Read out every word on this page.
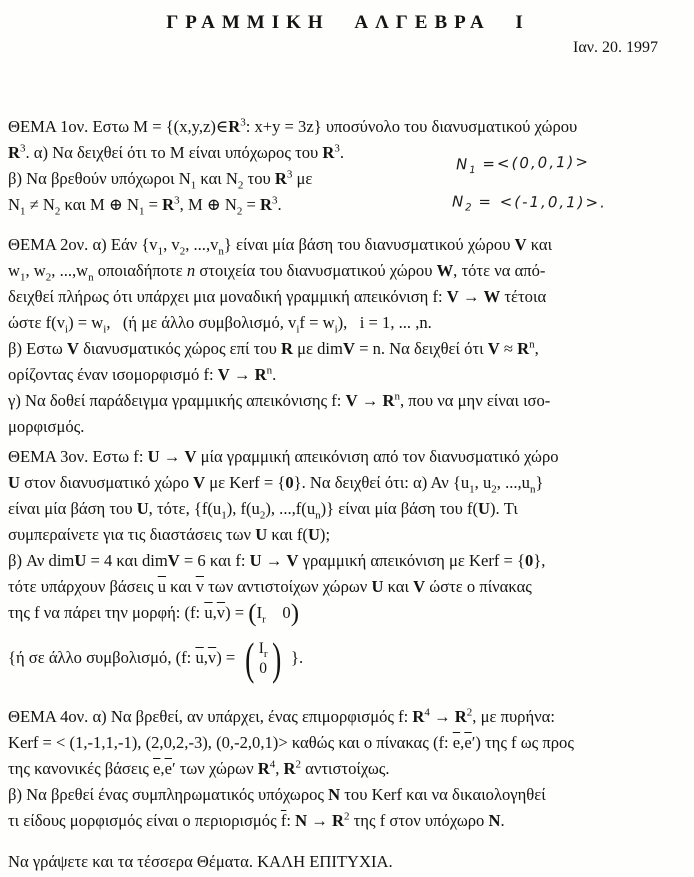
ΓΡΑΜΜΙΚΗ ΑΛΓΕΒΡΑ Ι
Ιαν. 20. 1997

ΘΕΜΑ 1ον. Εστω $M = \{(x,y,z)\in R^3$: x+y = 3z} υποσύνολο του διανυσματικού χώρου
$R^3$. α) Να δειχθεί ότι το M είναι υπόχωρος του $R^3$.
β) Να βρεθούν υπόχωροι $N_1$ και $N_2$ του $R^3$ με
$N_1 \ne N_2$ και M ⊕ $N_1 = R^3$, M ⊕ $N_2 = R^3$.

$N_1 =<(0,0,1)>$
$N_2 = <(-1,0,1)>$.

ΘΕΜΑ 2ον. α) Εάν {$v_1$, $v_2$, $...,v_n$} είναι μία βάση του διανυσματικού χώρου V και
$w_1$, $w_2$, $...,w_n$ οποιαδήποτε n στοιχεία του διανυσματικού χώρου W, τότε να από-
δειχθεί πλήρως ότι υπάρχει μια μοναδική γραμμική απεικόνιση f: V → W τέτοια
ώστε $f(v_i) = w_i$,   (ή με άλλο συμβολισμό, $v_if = w_i$),   i = 1, ... ,n.
β) Εστω V διανυσματικός χώρος επί του R με dimV = n. Να δειχθεί ότι $V \approx R^n$,
ορίζοντας έναν ισομορφισμό f: $V \to R^n$.
γ) Να δοθεί παράδειγμα γραμμικής απεικόνισης f: $V \to R^n$, που να μην είναι ισο-
μορφισμός.

ΘΕΜΑ 3ον. Εστω f: U → V μία γραμμική απεικόνιση από τον διανυσματικό χώρο
U στον διανυσματικό χώρο V με Kerf = {0}. Να δειχθεί ότι: α) Αν {$u_1$, $u_2$, $...,u_n$}
είναι μία βάση του U, τότε, {$f(u_1)$, $f(u_2)$, $...,f(u_n)$} είναι μία βάση του f(U). Τι
συμπεραίνετε για τις διαστάσεις των U και f(U);
β) Αν dimU = 4 και dimV = 6 και f: U → V γραμμική απεικόνιση με Kerf = {0},
τότε υπάρχουν βάσεις $\overline{u}$ και $\overline{v}$ των αντιστοίχων χώρων U και V ώστε ο πίνακας
της f να πάρει την μορφή: (f: $\overline{u},\overline{v}) = (I_r$    0)

{ή σε άλλο συμβολισμό, (f: $\overline{u},\overline{v}$) = ( $I_r$
0 ) }.

ΘΕΜΑ 4ον. α) Να βρεθεί, αν υπάρχει, ένας επιμορφισμός f: $R^4 \to R^2$, με πυρήνα:
Kerf = < (1,-1,1,-1), (2,0,2,-3), (0,-2,0,1)> καθώς και ο πίνακας (f: $\overline{e},\overline{e}'$) της f ως προς
της κανονικές βάσεις $\overline{e},\overline{e}'$ των χώρων $R^4$, $R^2$ αντιστοίχως.
β) Να βρεθεί ένας συμπληρωματικός υπόχωρος N του Kerf και να δικαιολογηθεί
τι είδους μορφισμός είναι ο περιορισμός $\overline{f}$: $N \to R^2$ της f στον υπόχωρο N.

Να γράψετε και τα τέσσερα Θέματα. ΚΑΛΗ ΕΠΙΤΥΧΙΑ.
